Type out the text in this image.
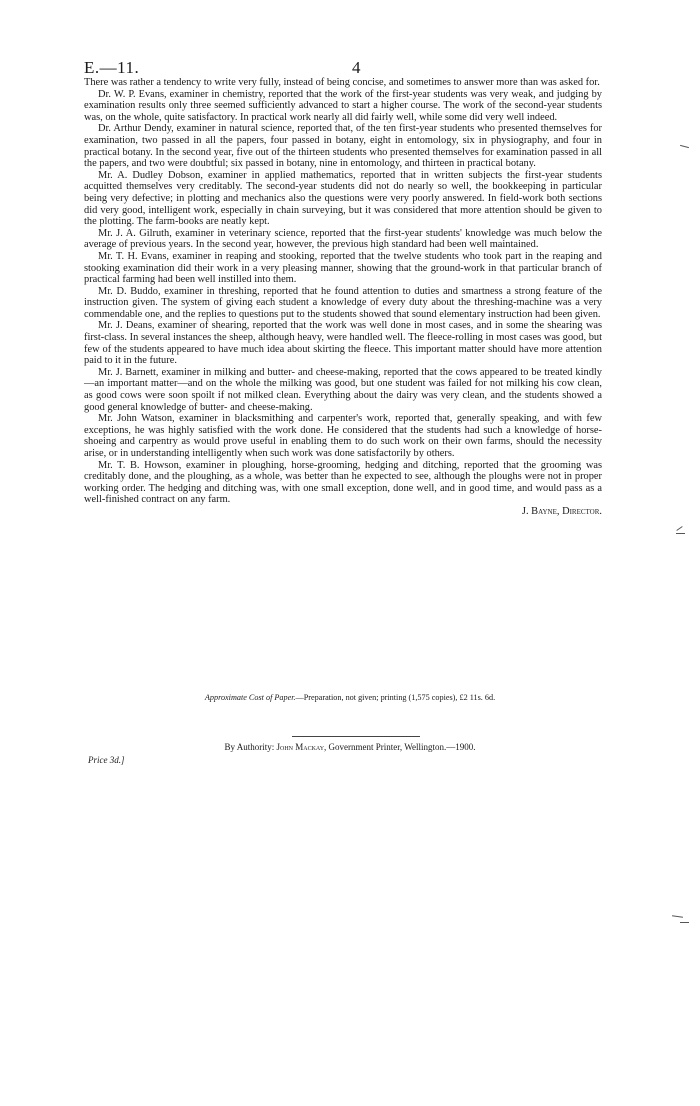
E.—11.	4

There was rather a tendency to write very fully, instead of being concise, and sometimes to answer more than was asked for.

Dr. W. P. Evans, examiner in chemistry, reported that the work of the first-year students was very weak, and judging by examination results only three seemed sufficiently advanced to start a higher course. The work of the second-year students was, on the whole, quite satisfactory. In practical work nearly all did fairly well, while some did very well indeed.

Dr. Arthur Dendy, examiner in natural science, reported that, of the ten first-year students who presented themselves for examination, two passed in all the papers, four passed in botany, eight in entomology, six in physiography, and four in practical botany. In the second year, five out of the thirteen students who presented themselves for examination passed in all the papers, and two were doubtful; six passed in botany, nine in entomology, and thirteen in practical botany.

Mr. A. Dudley Dobson, examiner in applied mathematics, reported that in written subjects the first-year students acquitted themselves very creditably. The second-year students did not do nearly so well, the bookkeeping in particular being very defective; in plotting and mechanics also the questions were very poorly answered. In field-work both sections did very good, intelligent work, especially in chain surveying, but it was considered that more attention should be given to the plotting. The farm-books are neatly kept.

Mr. J. A. Gilruth, examiner in veterinary science, reported that the first-year students' knowledge was much below the average of previous years. In the second year, however, the previous high standard had been well maintained.

Mr. T. H. Evans, examiner in reaping and stooking, reported that the twelve students who took part in the reaping and stooking examination did their work in a very pleasing manner, showing that the ground-work in that particular branch of practical farming had been well instilled into them.

Mr. D. Buddo, examiner in threshing, reported that he found attention to duties and smartness a strong feature of the instruction given. The system of giving each student a knowledge of every duty about the threshing-machine was a very commendable one, and the replies to questions put to the students showed that sound elementary instruction had been given.

Mr. J. Deans, examiner of shearing, reported that the work was well done in most cases, and in some the shearing was first-class. In several instances the sheep, although heavy, were handled well. The fleece-rolling in most cases was good, but few of the students appeared to have much idea about skirting the fleece. This important matter should have more attention paid to it in the future.

Mr. J. Barnett, examiner in milking and butter- and cheese-making, reported that the cows appeared to be treated kindly—an important matter—and on the whole the milking was good, but one student was failed for not milking his cow clean, as good cows were soon spoilt if not milked clean. Everything about the dairy was very clean, and the students showed a good general knowledge of butter- and cheese-making.

Mr. John Watson, examiner in blacksmithing and carpenter's work, reported that, generally speaking, and with few exceptions, he was highly satisfied with the work done. He considered that the students had such a knowledge of horse-shoeing and carpentry as would prove useful in enabling them to do such work on their own farms, should the necessity arise, or in understanding intelligently when such work was done satisfactorily by others.

Mr. T. B. Howson, examiner in ploughing, horse-grooming, hedging and ditching, reported that the grooming was creditably done, and the ploughing, as a whole, was better than he expected to see, although the ploughs were not in proper working order. The hedging and ditching was, with one small exception, done well, and in good time, and would pass as a well-finished contract on any farm.

J. Bayne, Director.
Approximate Cost of Paper.—Preparation, not given; printing (1,575 copies), £2 11s. 6d.
By Authority: John Mackay, Government Printer, Wellington.—1900.
Price 3d.]
